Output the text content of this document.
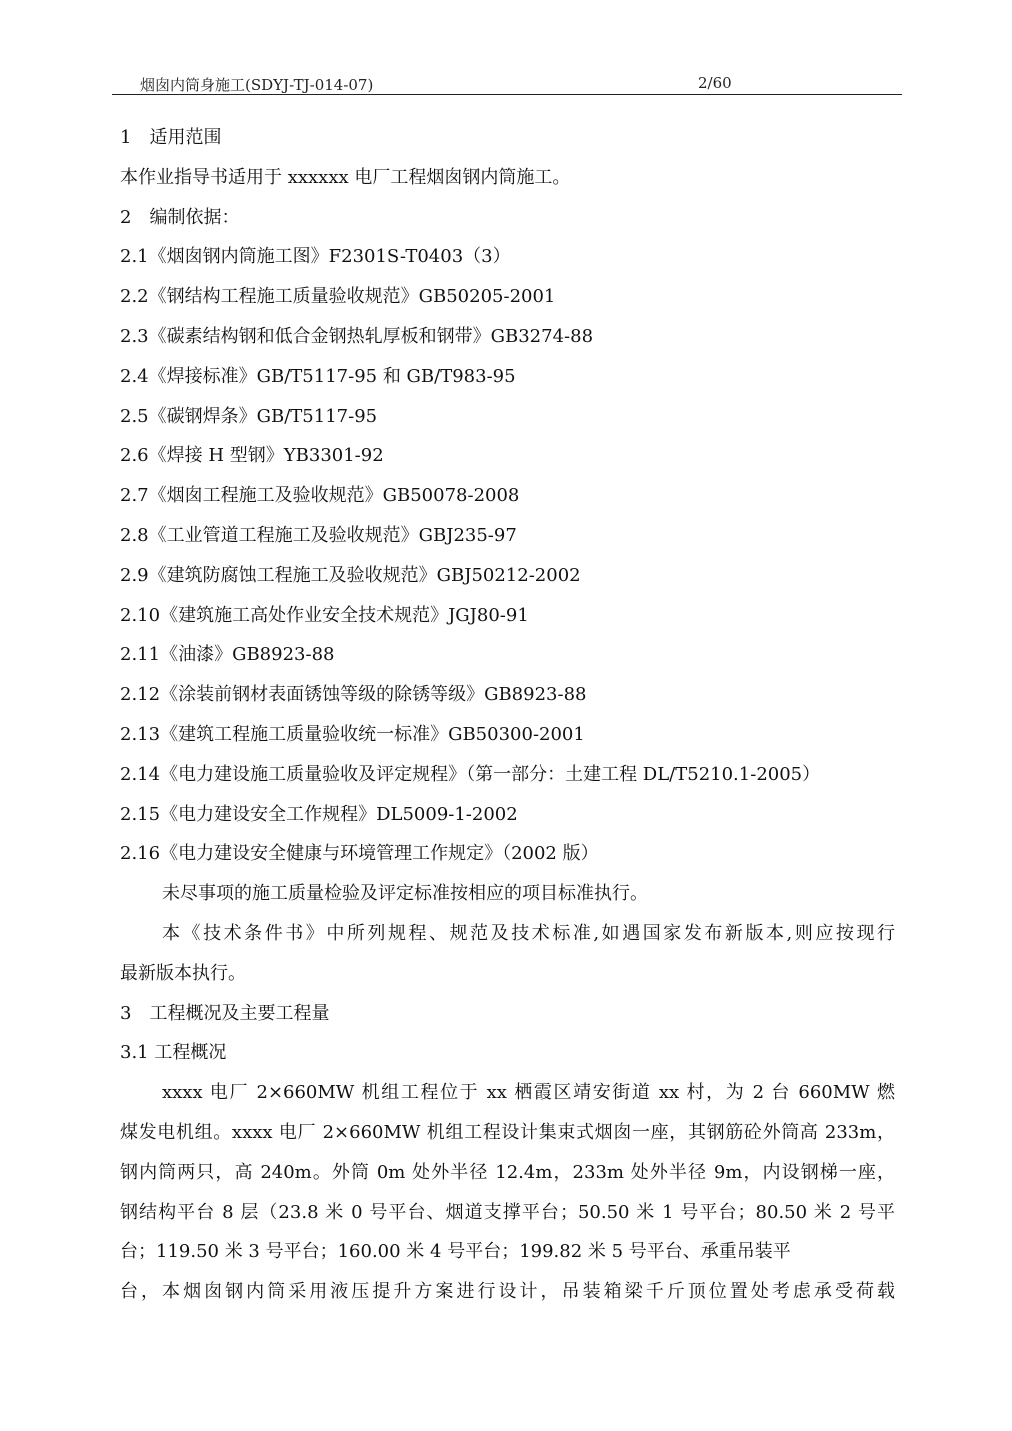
烟囱内筒身施工(SDYJ-TJ-014-07)	2/60
1　适用范围
本作业指导书适用于 xxxxxx 电厂工程烟囱钢内筒施工。
2　编制依据：
2.1《烟囱钢内筒施工图》F2301S-T0403（3）
2.2《钢结构工程施工质量验收规范》GB50205-2001
2.3《碳素结构钢和低合金钢热轧厚板和钢带》GB3274-88
2.4《焊接标准》GB/T5117-95 和 GB/T983-95
2.5《碳钢焊条》GB/T5117-95
2.6《焊接 H 型钢》YB3301-92
2.7《烟囱工程施工及验收规范》GB50078-2008
2.8《工业管道工程施工及验收规范》GBJ235-97
2.9《建筑防腐蚀工程施工及验收规范》GBJ50212-2002
2.10《建筑施工高处作业安全技术规范》JGJ80-91
2.11《油漆》GB8923-88
2.12《涂装前钢材表面锈蚀等级的除锈等级》GB8923-88
2.13《建筑工程施工质量验收统一标准》GB50300-2001
2.14《电力建设施工质量验收及评定规程》（第一部分：土建工程 DL/T5210.1-2005）
2.15《电力建设安全工作规程》DL5009-1-2002
2.16《电力建设安全健康与环境管理工作规定》（2002 版）
未尽事项的施工质量检验及评定标准按相应的项目标准执行。
本《技术条件书》中所列规程、规范及技术标准,如遇国家发布新版本,则应按现行
最新版本执行。
3　工程概况及主要工程量
3.1 工程概况
xxxx 电厂 2×660MW 机组工程位于 xx 栖霞区靖安街道 xx 村，为 2 台 660MW 燃
煤发电机组。xxxx 电厂 2×660MW 机组工程设计集束式烟囱一座，其钢筋砼外筒高 233m，
钢内筒两只，高 240m。外筒 0m 处外半径 12.4m，233m 处外半径 9m，内设钢梯一座，
钢结构平台 8 层（23.8 米 0 号平台、烟道支撑平台；50.50 米 1 号平台；80.50 米 2 号平
台；119.50 米 3 号平台；160.00 米 4 号平台；199.82 米 5 号平台、承重吊装平
台，本烟囱钢内筒采用液压提升方案进行设计，吊装箱梁千斤顶位置处考虑承受荷载
